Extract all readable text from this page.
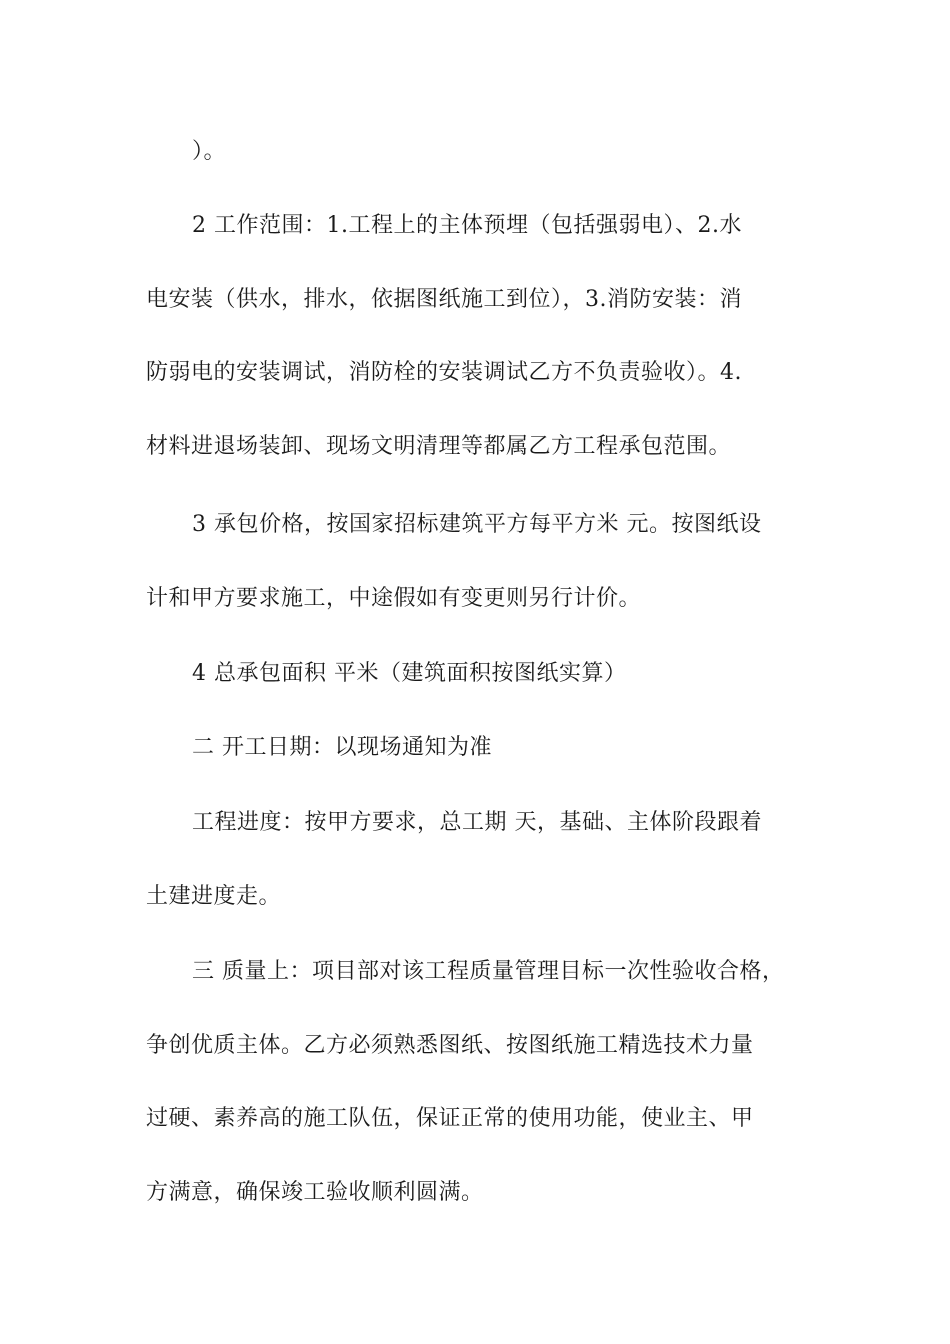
）。

2 工作范围：1.工程上的主体预埋（包括强弱电）、2.水
电安装（供水，排水，依据图纸施工到位），3.消防安装：消
防弱电的安装调试，消防栓的安装调试乙方不负责验收）。4.
材料进退场装卸、现场文明清理等都属乙方工程承包范围。

3 承包价格，按国家招标建筑平方每平方米 元。按图纸设
计和甲方要求施工，中途假如有变更则另行计价。

4 总承包面积 平米（建筑面积按图纸实算）

二 开工日期：以现场通知为准

工程进度：按甲方要求，总工期 天，基础、主体阶段跟着
土建进度走。

三 质量上：项目部对该工程质量管理目标一次性验收合格，
争创优质主体。乙方必须熟悉图纸、按图纸施工精选技术力量
过硬、素养高的施工队伍，保证正常的使用功能，使业主、甲
方满意，确保竣工验收顺利圆满。
